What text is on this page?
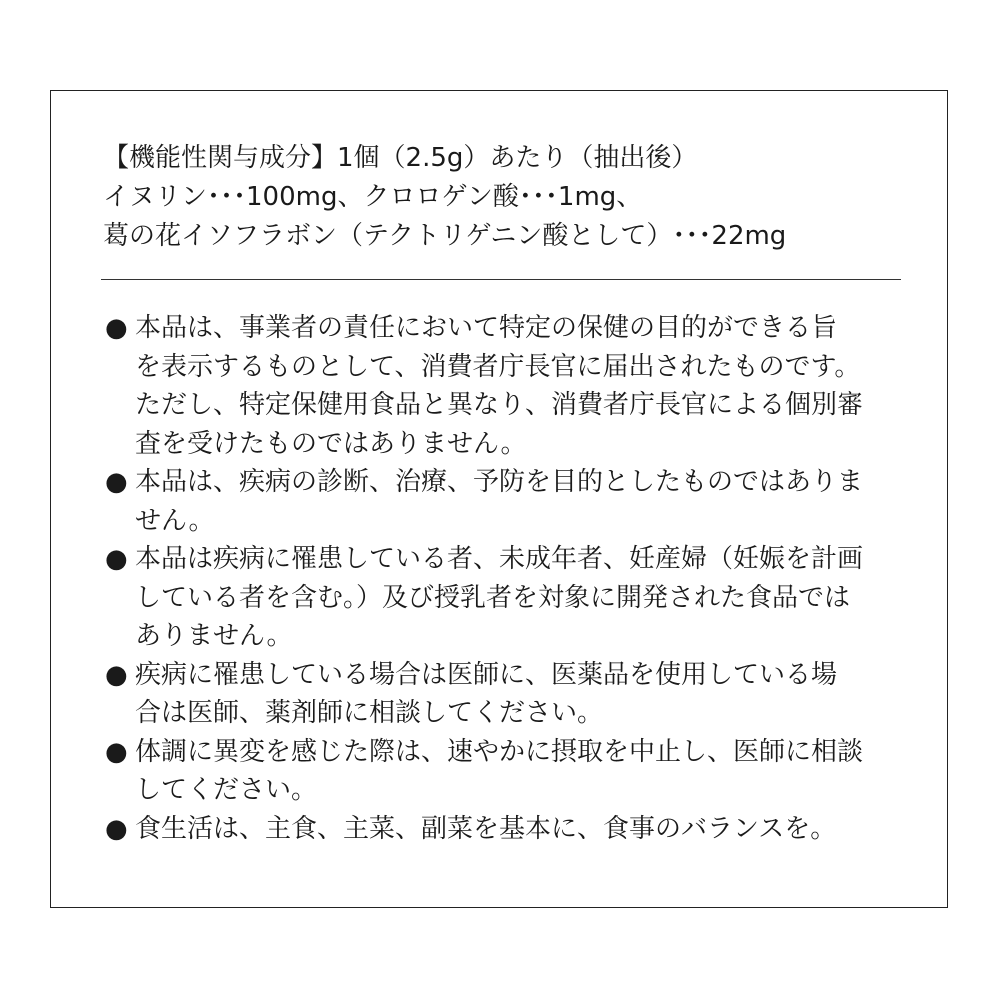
【機能性関与成分】1個（2.5g）あたり（抽出後）
イヌリン･･･100mg、クロロゲン酸･･･1mg、
葛の花イソフラボン（テクトリゲニン酸として）･･･22mg
● 本品は、事業者の責任において特定の保健の目的ができる旨
を表示するものとして、消費者庁長官に届出されたものです。
ただし、特定保健用食品と異なり、消費者庁長官による個別審
査を受けたものではありません。
● 本品は、疾病の診断、治療、予防を目的としたものではありま
せん。
● 本品は疾病に罹患している者、未成年者、妊産婦（妊娠を計画
している者を含む。）及び授乳者を対象に開発された食品では
ありません。
● 疾病に罹患している場合は医師に、医薬品を使用している場
合は医師、薬剤師に相談してください。
● 体調に異変を感じた際は、速やかに摂取を中止し、医師に相談
してください。
● 食生活は、主食、主菜、副菜を基本に、食事のバランスを。
